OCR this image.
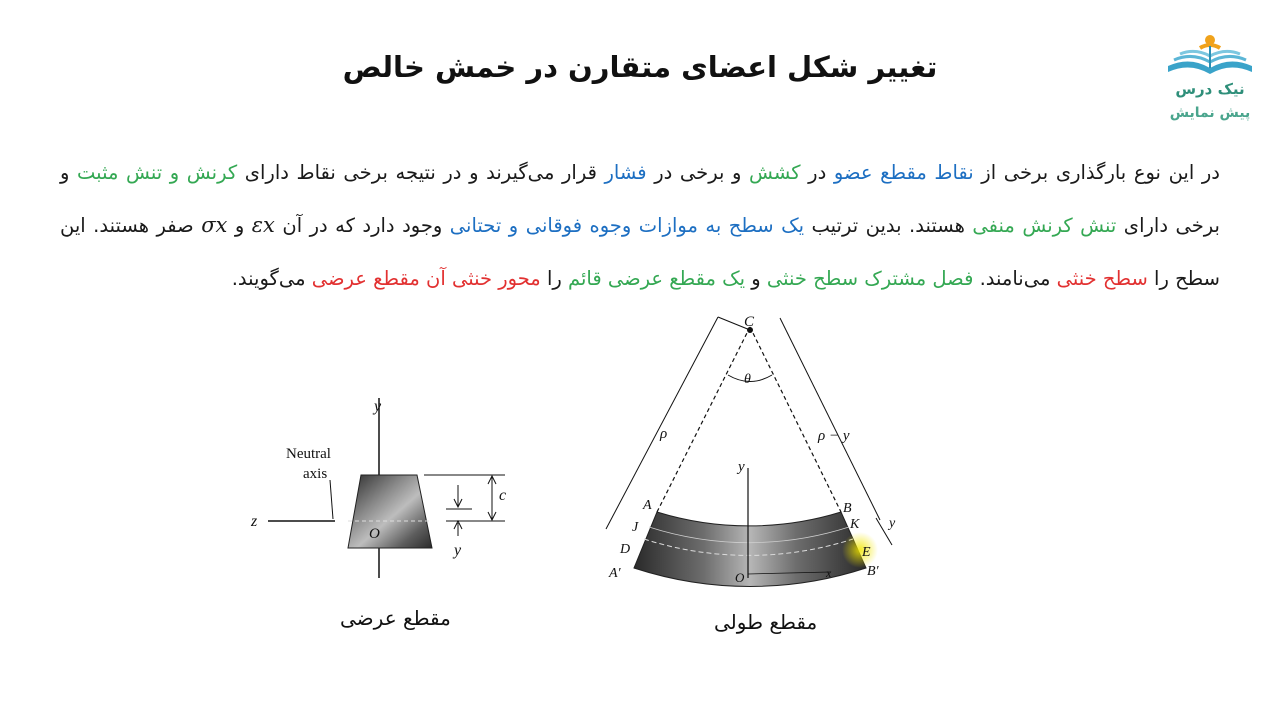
تغییر شکل اعضای متقارن در خمش خالص
نیک درس
پیش نمایش
در این نوع بارگذاری برخی از نقاط مقطع عضو در کشش و برخی در فشار قرار می‌گیرند و در نتیجه برخی نقاط دارای کرنش و تنش مثبت و برخی دارای تنش کرنش منفی هستند. بدین ترتیب یک سطح به موازات وجوه فوقانی و تحتانی وجود دارد که در آن εx و σx صفر هستند. این سطح را سطح خنثی می‌نامند. فصل مشترک سطح خنثی و یک مقطع عرضی قائم را محور خنثی آن مقطع عرضی می‌گویند.
y
Neutral
axis
z
c
y
O
C
θ
ρ	ρ − y
y
A	B
J	K
D	E
A′	B′
O	x
y
مقطع عرضی	مقطع طولی
